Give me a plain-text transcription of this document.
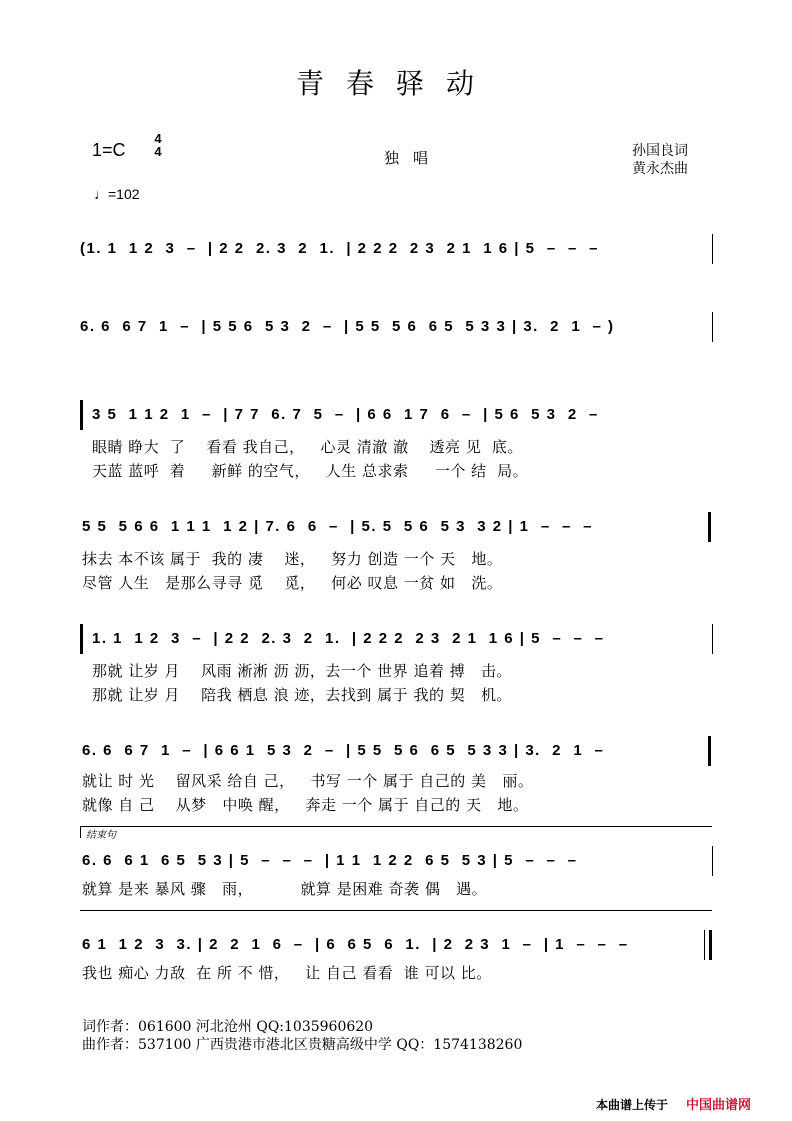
青春驿动
1=C
4
4	独唱	孙国良词
黄永杰曲
♩=102
(1. 1  1 2  3  –  | 2 2  2. 3  2  1.  | 2 2 2  2 3  2 1  1 6 | 5  –  –  –
6. 6  6 7  1  –  | 5 5 6  5 3  2  –  | 5 5  5 6  6 5  5 3 3 | 3.  2  1  – )
3 5  1 1 2  1  –  | 7 7  6. 7  5  –  | 6 6  1 7  6  –  | 5 6  5 3  2  –
眼睛 睁大  了    看看 我自己，   心灵 清澈 澈    透亮 见  底。
天蓝 蓝呼  着     新鲜 的空气，   人生 总求索     一个 结  局。
5 5  5 6 6  1 1 1  1 2 | 7. 6  6  –  | 5. 5  5 6  5 3  3 2 | 1  –  –  –
抹去 本不该 属于  我的 凄    迷，   努力 创造 一个 天   地。
尽管 人生   是那么寻寻 觅    觅，   何必 叹息 一贫 如   洗。
1. 1  1 2  3  –  | 2 2  2. 3  2  1.  | 2 2 2  2 3  2 1  1 6 | 5  –  –  –
那就 让岁 月    风雨 淅淅 沥 沥，去一个 世界 追着 搏   击。
那就 让岁 月    陪我 栖息 浪 迹，去找到 属于 我的 契   机。
6. 6  6 7  1  –  | 6 6 1  5 3  2  –  | 5 5  5 6  6 5  5 3 3 | 3.  2  1  –
就让 时 光    留风采 给自 己，   书写 一个 属于 自己的 美   丽。
就像 自 己    从梦   中唤 醒，   奔走 一个 属于 自己的 天   地。
结束句
6. 6  6 1  6 5  5 3 | 5  –  –  –  | 1 1  1 2 2  6 5  5 3 | 5  –  –  –
就算 是来 暴风 骤   雨，         就算 是困难 奇袭 偶   遇。
6 1  1 2  3  3. | 2  2  1  6  –  | 6  6 5  6  1.  | 2  2 3  1  –  | 1  –  –  –
我也 痴心 力敌  在 所 不 惜，   让 自己 看看  谁 可以 比。
词作者：061600 河北沧州 QQ:1035960620
曲作者：537100 广西贵港市港北区贵糖高级中学 QQ：1574138260
本曲谱上传于 中国曲谱网
